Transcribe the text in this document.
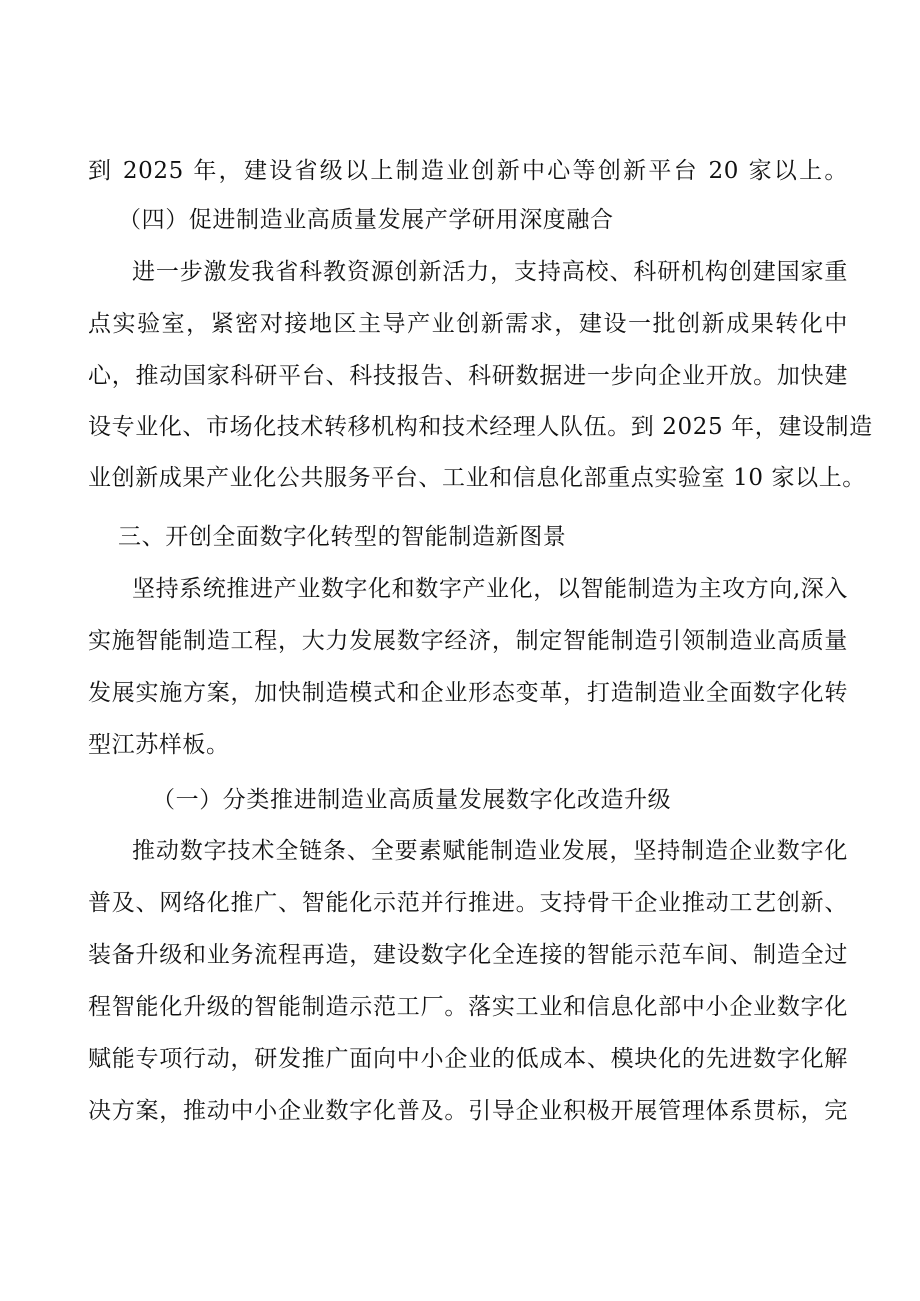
到 2025 年，建设省级以上制造业创新中心等创新平台 20 家以上。
（四）促进制造业高质量发展产学研用深度融合
进一步激发我省科教资源创新活力，支持高校、科研机构创建国家重
点实验室，紧密对接地区主导产业创新需求，建设一批创新成果转化中
心，推动国家科研平台、科技报告、科研数据进一步向企业开放。加快建
设专业化、市场化技术转移机构和技术经理人队伍。到 2025 年，建设制造
业创新成果产业化公共服务平台、工业和信息化部重点实验室 10 家以上。
三、开创全面数字化转型的智能制造新图景
坚持系统推进产业数字化和数字产业化，以智能制造为主攻方向,深入
实施智能制造工程，大力发展数字经济，制定智能制造引领制造业高质量
发展实施方案，加快制造模式和企业形态变革，打造制造业全面数字化转
型江苏样板。
（一）分类推进制造业高质量发展数字化改造升级
推动数字技术全链条、全要素赋能制造业发展，坚持制造企业数字化
普及、网络化推广、智能化示范并行推进。支持骨干企业推动工艺创新、
装备升级和业务流程再造，建设数字化全连接的智能示范车间、制造全过
程智能化升级的智能制造示范工厂。落实工业和信息化部中小企业数字化
赋能专项行动，研发推广面向中小企业的低成本、模块化的先进数字化解
决方案，推动中小企业数字化普及。引导企业积极开展管理体系贯标，完
